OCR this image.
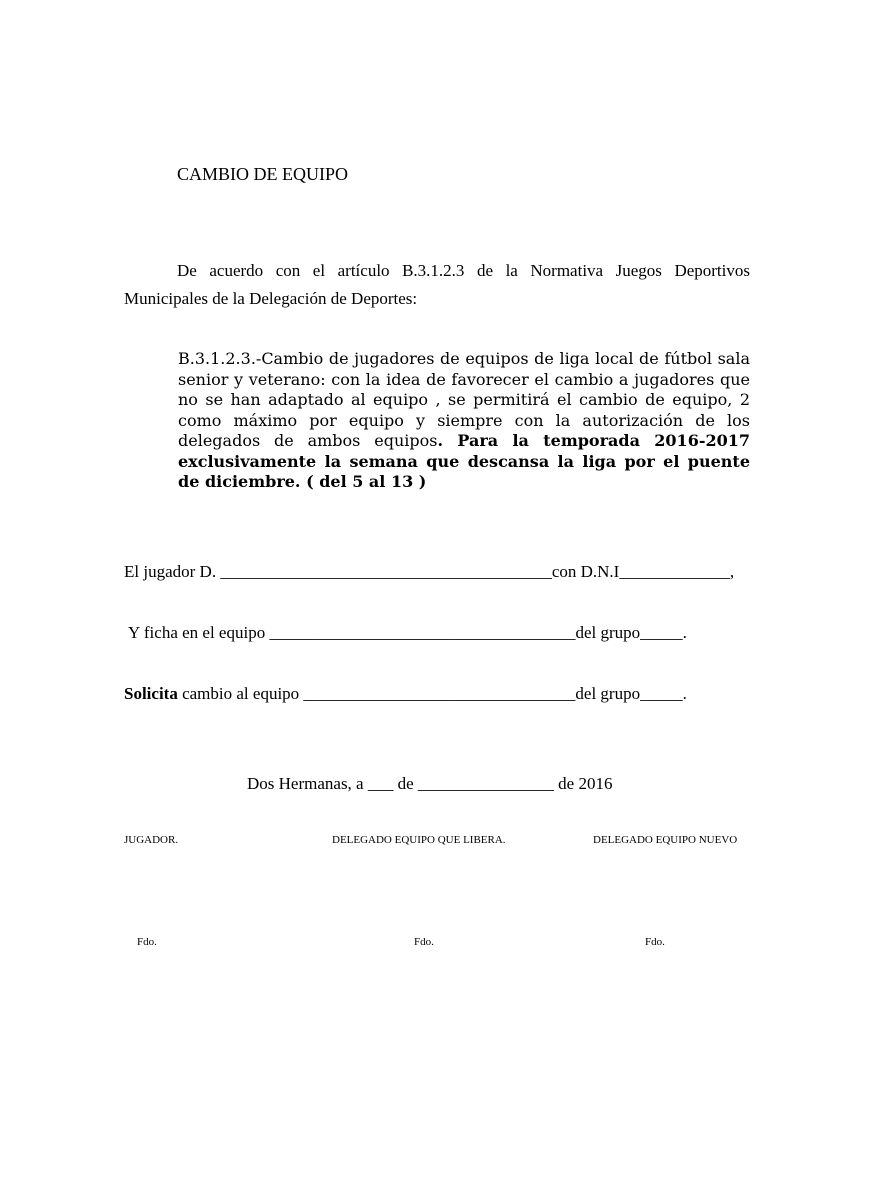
CAMBIO DE EQUIPO
De acuerdo con el artículo B.3.1.2.3 de la Normativa Juegos Deportivos
Municipales de la Delegación de Deportes:
B.3.1.2.3.-Cambio de jugadores de equipos de liga local de fútbol sala senior y veterano: con la idea de favorecer el cambio a jugadores que no se han adaptado al equipo , se permitirá el cambio de equipo, 2 como máximo por equipo y siempre con la autorización de los delegados de ambos equipos. Para la temporada 2016-2017 exclusivamente la semana que descansa la liga por el puente de diciembre. ( del 5 al 13 )
El jugador D. _______________________________________con D.N.I_____________,
Y ficha en el equipo ____________________________________del grupo_____.
Solicita cambio al equipo ________________________________del grupo_____.
Dos Hermanas, a ___ de ________________ de 2016
JUGADOR.	DELEGADO EQUIPO QUE LIBERA.	DELEGADO EQUIPO NUEVO
Fdo.	Fdo.	Fdo.
